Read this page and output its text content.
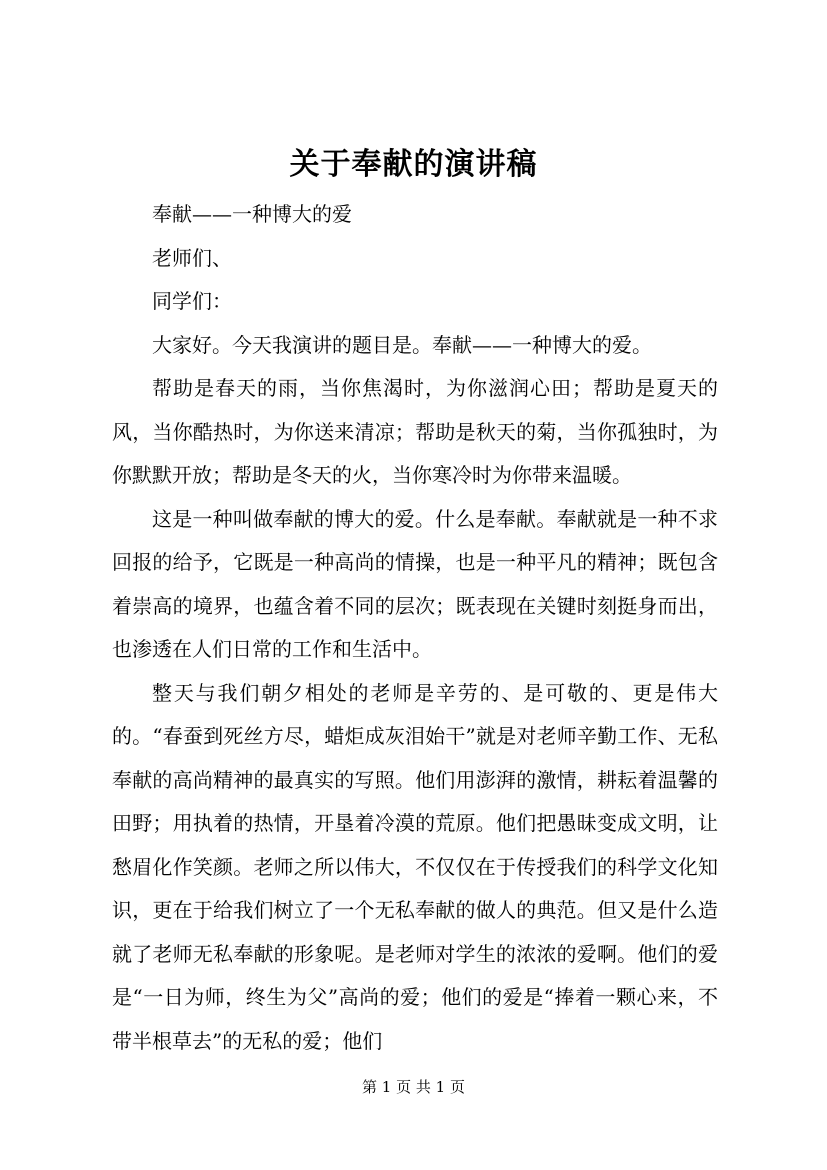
关于奉献的演讲稿

奉献——一种博大的爱

老师们、

同学们：

大家好。今天我演讲的题目是。奉献——一种博大的爱。

帮助是春天的雨，当你焦渴时，为你滋润心田；帮助是夏天的风，当你酷热时，为你送来清凉；帮助是秋天的菊，当你孤独时，为你默默开放；帮助是冬天的火，当你寒冷时为你带来温暖。

这是一种叫做奉献的博大的爱。什么是奉献。奉献就是一种不求回报的给予，它既是一种高尚的情操，也是一种平凡的精神；既包含着崇高的境界，也蕴含着不同的层次；既表现在关键时刻挺身而出，也渗透在人们日常的工作和生活中。

整天与我们朝夕相处的老师是辛劳的、是可敬的、更是伟大的。“春蚕到死丝方尽，蜡炬成灰泪始干”就是对老师辛勤工作、无私奉献的高尚精神的最真实的写照。他们用澎湃的激情，耕耘着温馨的田野；用执着的热情，开垦着冷漠的荒原。他们把愚昧变成文明，让愁眉化作笑颜。老师之所以伟大，不仅仅在于传授我们的科学文化知识，更在于给我们树立了一个无私奉献的做人的典范。但又是什么造就了老师无私奉献的形象呢。是老师对学生的浓浓的爱啊。他们的爱是“一日为师，终生为父”高尚的爱；他们的爱是“捧着一颗心来，不带半根草去”的无私的爱；他们

第 1 页 共 1 页
